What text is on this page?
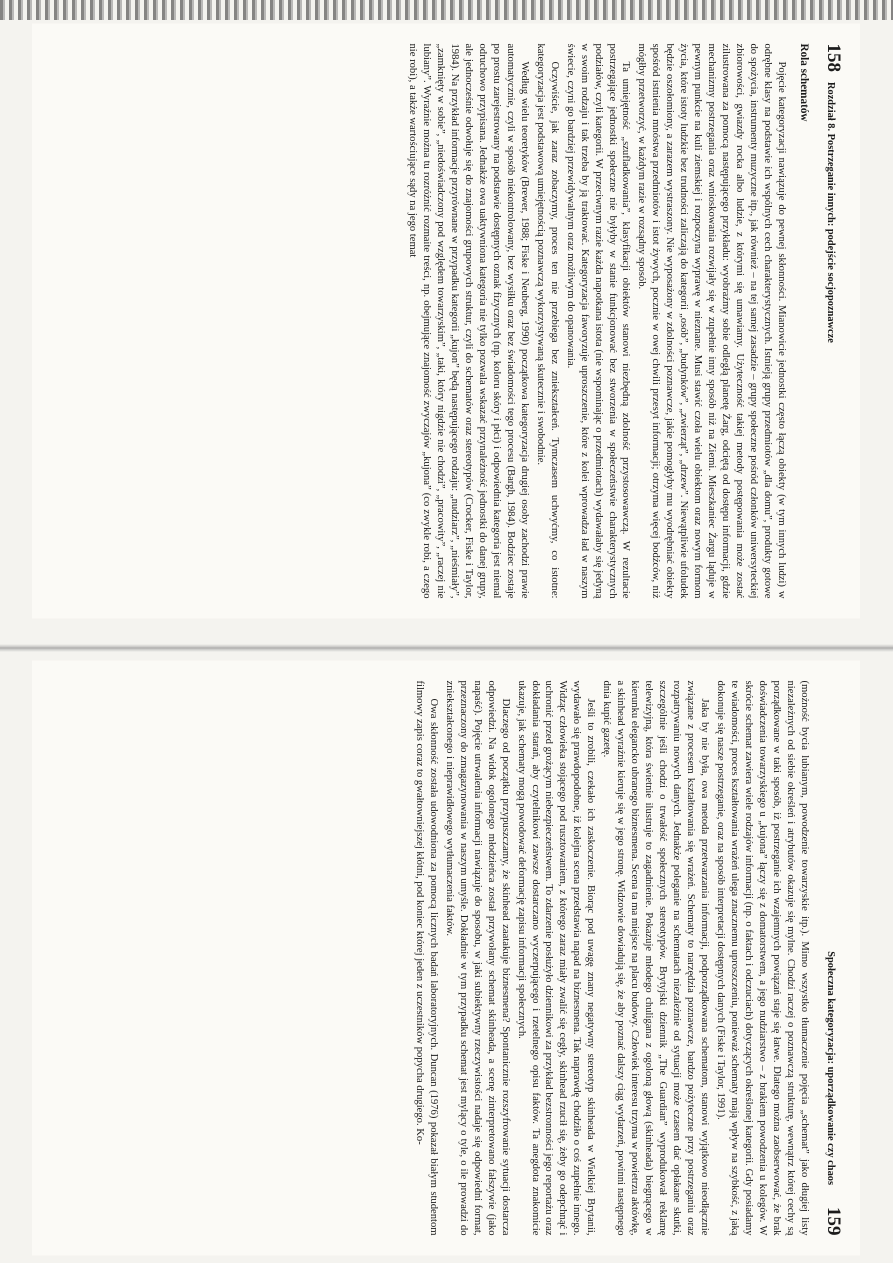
158
Rozdział 8. Postrzeganie innych: podejście socjopoznawcze
Rola schematów

Pojęcie kategoryzacji nawiązuje do pewnej skłonności. Mianowicie jednostki często łączą obiekty (w tym innych ludzi) w odrębne klasy na podstawie ich wspólnych cech charakterystycznych. Istnieją grupy przedmiotów „dla domu”, produkty gotowe do spożycia, instrumenty muzyczne itp., jak również – na tej samej zasadzie – grupy społeczne pośród członków uniwersyteckiej zbiorowości, gwiazdy rocka albo ludzie, z którymi się umawiamy. Użyteczność takiej metody postępowania może zostać zilustrowana za pomocą następującego przykładu: wyobraźmy sobie odległą planetę Żarg, odciętą od dostępu informacji, gdzie mechanizmy postrzegania oraz wnioskowania rozwijały się w zupełnie inny sposób niż na Ziemi. Mieszkaniec Żargu ląduje w pewnym punkcie na kuli ziemskiej i rozpoczyna wyprawę w nieznane. Musi stawić czoła wielu obiektom oraz nowym formom życia, które istoty ludzkie bez trudności zaliczają do kategorii „osób”, „budynków”, „zwierząt”, „drzew”. Niewątpliwie ufoludek będzie oszołomiony, a zarazem wystraszony. Nie wyposażony w zdolności poznawcze, jakie pomogłyby mu wyodrębniać obiekty spośród istnienia mnóstwa przedmiotów i istot żywych, pocznie w owej chwili przesyt informacji; otrzyma więcej bodźców, niż mógłby przetworzyć, w każdym razie w rozsądny sposób.

Ta umiejętność „szufladkowania”, klasyfikacji obiektów stanowi niezbędną zdolność przystosowawczą. W rezultacie postrzegające jednostki społeczne nie byłyby w stanie funkcjonować bez stworzenia w społeczeństwie charakterystycznych podziałów, czyli kategorii. W przeciwnym razie każda napotkana istota (nie wspominając o przedmiotach) wydawałaby się jedyną w swoim rodzaju i tak trzeba by ją traktować. Kategoryzacja faworyzuje uproszczenie, które z kolei wprowadza ład w naszym świecie, czyni go bardziej przewidywalnym oraz możliwym do opanowania.

Oczywiście, jak zaraz zobaczymy, proces ten nie przebiega bez zniekształceń. Tymczasem uchwyćmy, co istotne: kategoryzacja jest podstawową umiejętnością poznawczą wykorzystywaną skutecznie i swobodnie.

Według wielu teoretyków (Brewer, 1988; Fiske i Neuberg, 1990) początkowa kategoryzacja drugiej osoby zachodzi prawie automatycznie, czyli w sposób niekontrolowany, bez wysiłku oraz bez świadomości tego procesu (Bargh, 1984). Bodziec zostaje po prostu zarejestrowany na podstawie dostępnych oznak fizycznych (np. koloru skóry i płci) i odpowiednia kategoria jest niemal odruchowo przypisana. Jednakże owa uaktywniona kategoria nie tylko pozwala wskazać przynależność jednostki do danej grupy, ale jednocześnie odwołuje się do znajomości grupowych struktur, czyli do schematów oraz stereotypów (Crocker, Fiske i Taylor, 1984). Na przykład informacje przyrównane w przypadku kategorii „kujon” będą następującego rodzaju: „nudziarz”, „nieśmiały”, „zamknięty w sobie”, „niedoświadczony pod względem towarzyskim”, „taki, który nigdzie nie chodzi”, „pracowity”, „raczej nie lubiany”. Wyraźnie można tu rozróżnić rozmaite treści, np. obejmujące znajomość zwyczajów „kujona” (co zwykle robi, a czego nie robi), a także wartościujące sądy na jego temat

Społeczna kategoryzacja: uporządkowanie czy chaos
159

(możność bycia lubianym, powodzenie towarzyskie itp.). Mimo wszystko tłumaczenie pojęcia „schemat” jako długiej listy niezależnych od siebie określeń i atrybutów okazuje się mylne. Chodzi raczej o poznawczą strukturę, wewnątrz której cechy są porządkowane w taki sposób, iż postrzeganie ich wzajemnych powiązań staje się łatwe. Dlatego można zaobserwować, że brak doświadczenia towarzyskiego u „kujona” łączy się z domatorstwem, a jego nudziarstwo – z brakiem powodzenia u kolegów. W skrócie schemat zawiera wiele rodzajów informacji (np. o faktach i odczuciach) dotyczących określonej kategorii. Gdy posiadamy te wiadomości, proces kształtowania wrażeń ulega znacznemu uproszczeniu, ponieważ schematy mają wpływ na szybkość, z jaką dokonuje się nasze postrzeganie, oraz na sposób interpretacji dostępnych danych (Fiske i Taylor, 1991).

Jaka by nie była, owa metoda przetwarzania informacji, podporządkowana schematom, stanowi wyjątkowo nieodłącznie związane z procesem kształtowania się wrażeń. Schematy to narzędzia poznawcze, bardzo pożyteczne przy postrzeganiu oraz rozpatrywaniu nowych danych. Jednakże poleganie na schematach niezależnie od sytuacji może czasem dać opłakane skutki, szczególnie jeśli chodzi o trwałość społecznych stereotypów. Brytyjski dziennik „The Guardian” wyprodukował reklamę telewizyjną, która świetnie ilustruje to zagadnienie. Pokazuje młodego chuligana z ogoloną głową (skinheada) biegnącego w kierunku elegancko ubranego biznesmena. Scena ta ma miejsce na placu budowy. Człowiek interesu trzyma w powietrzu aktówkę, a skinhead wyraźnie kieruje się w jego stronę. Widzowie dowiadują się, że aby poznać dalszy ciąg wydarzeń, powinni następnego dnia kupić gazetę.

Jeśli to zrobili, czekało ich zaskoczenie. Biorąc pod uwagę znany negatywny stereotyp skinheada w Wielkiej Brytanii, wydawało się prawdopodobne, iż kolejna scena przedstawia napad na biznesmena. Tak naprawdę chodziło o coś zupełnie innego. Widząc człowieka stojącego pod rusztowaniem, z którego zaraz miały zwalić się cegły, skinhead rzucił się, żeby go odepchnąć i uchronić przed grożącym niebezpieczeństwem. To zdarzenie posłużyło dziennikowi za przykład bezstronności jego reportażu oraz dokładania starań, aby czytelnikowi zawsze dostarczano wyczerpującego i rzetelnego opisu faktów. Ta anegdota znakomicie ukazuje, jak schematy mogą powodować deformację zapisu informacji społecznych.

Dlaczego od początku przypuszczamy, że skinhead zaatakuje biznesmena? Spontanicznie rozszyfrowanie sytuacji dostarcza odpowiedzi. Na widok ogolonego młodzieńca został przywołany schemat skinheada, a scenę zinterpretowano fałszywie (jako napaść). Pojęcie utrwalenia informacji nawiązuje do sposobu, w jaki subiektywny rzeczywistości nadaje się odpowiedni format, przeznaczony do zmagazynowania w naszym umyśle. Dokładnie w tym przypadku schemat jest mylący o tyle, o ile prowadzi do zniekształconego i nieprawidłowego wytłumaczenia faktów.

Owa skłonność została udowodniona za pomocą licznych badań laboratoryjnych. Duncan (1976) pokazał białym studentom filmowy zapis coraz to gwałtowniejszej kłótni, pod koniec której jeden z uczestników popycha drugiego. Ko-
